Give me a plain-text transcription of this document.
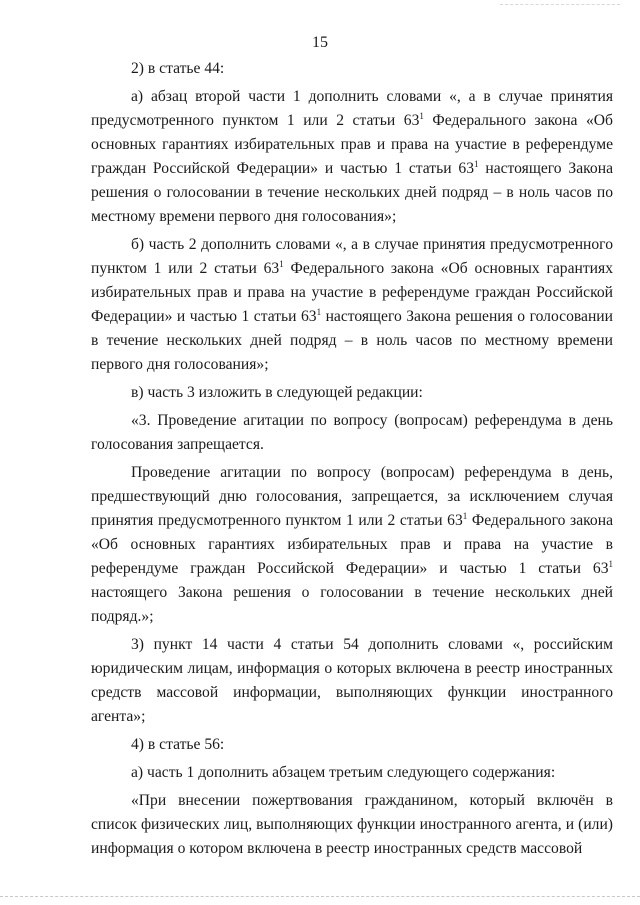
15

2) в статье 44:

а) абзац второй части 1 дополнить словами «, а в случае принятия предусмотренного пунктом 1 или 2 статьи $63^1$ Федерального закона «Об основных гарантиях избирательных прав и права на участие в референдуме граждан Российской Федерации» и частью 1 статьи $63^1$ настоящего Закона решения о голосовании в течение нескольких дней подряд – в ноль часов по местному времени первого дня голосования»;

б) часть 2 дополнить словами «, а в случае принятия предусмотренного пунктом 1 или 2 статьи $63^1$ Федерального закона «Об основных гарантиях избирательных прав и права на участие в референдуме граждан Российской Федерации» и частью 1 статьи $63^1$ настоящего Закона решения о голосовании в течение нескольких дней подряд – в ноль часов по местному времени первого дня голосования»;

в) часть 3 изложить в следующей редакции:

«3. Проведение агитации по вопросу (вопросам) референдума в день голосования запрещается.

Проведение агитации по вопросу (вопросам) референдума в день, предшествующий дню голосования, запрещается, за исключением случая принятия предусмотренного пунктом 1 или 2 статьи $63^1$ Федерального закона «Об основных гарантиях избирательных прав и права на участие в референдуме граждан Российской Федерации» и частью 1 статьи $63^1$ настоящего Закона решения о голосовании в течение нескольких дней подряд.»;

3) пункт 14 части 4 статьи 54 дополнить словами «, российским юридическим лицам, информация о которых включена в реестр иностранных средств массовой информации, выполняющих функции иностранного агента»;

4) в статье 56:

а) часть 1 дополнить абзацем третьим следующего содержания:

«При внесении пожертвования гражданином, который включён в список физических лиц, выполняющих функции иностранного агента, и (или) информация о котором включена в реестр иностранных средств массовой
